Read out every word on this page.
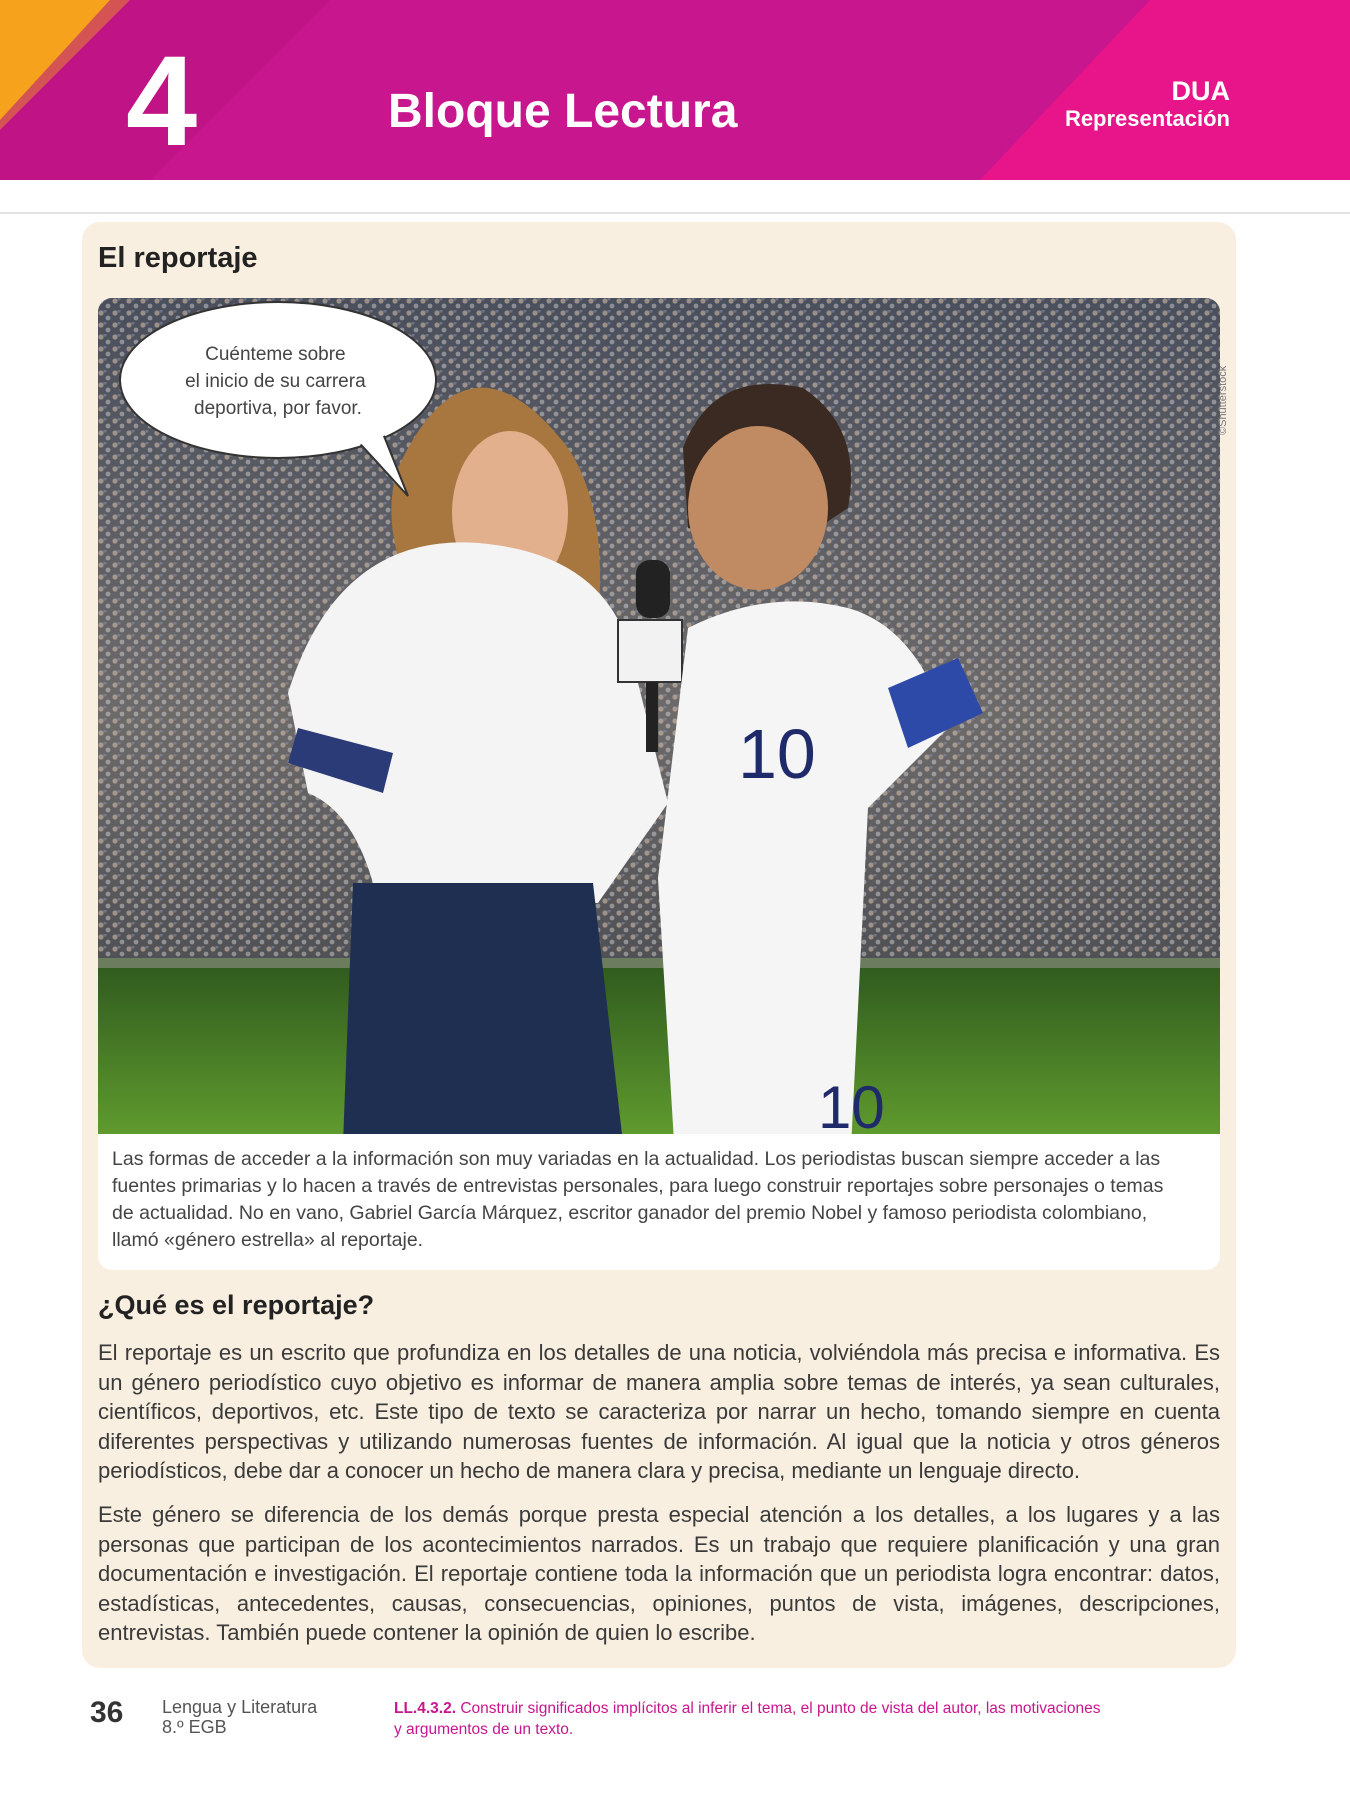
4	Bloque Lectura	DUA
Representación
El reportaje
10
10
Cuénteme sobre el inicio de su carrera deportiva, por favor.	©Shutterstock
Las formas de acceder a la información son muy variadas en la actualidad. Los periodistas buscan siempre acceder a las
fuentes primarias y lo hacen a través de entrevistas personales, para luego construir reportajes sobre personajes o temas
de actualidad. No en vano, Gabriel García Márquez, escritor ganador del premio Nobel y famoso periodista colombiano,
llamó «género estrella» al reportaje.
¿Qué es el reportaje?
El reportaje es un escrito que profundiza en los detalles de una noticia, volviéndola más precisa e informativa. Es un género periodístico cuyo objetivo es informar de manera amplia sobre temas de interés, ya sean culturales, científicos, deportivos, etc. Este tipo de texto se caracteriza por narrar un hecho, tomando siempre en cuenta diferentes perspectivas y utilizando numerosas fuentes de información. Al igual que la noticia y otros géneros periodísticos, debe dar a conocer un hecho de manera clara y precisa, mediante un lenguaje directo.
Este género se diferencia de los demás porque presta especial atención a los detalles, a los lugares y a las personas que participan de los acontecimientos narrados. Es un trabajo que requiere planificación y una gran documentación e investigación. El reportaje contiene toda la información que un periodista logra encontrar: datos, estadísticas, antecedentes, causas, consecuencias, opiniones, puntos de vista, imágenes, descripciones, entrevistas. También puede contener la opinión de quien lo escribe.
36 Lengua y Literatura
8.º EGB
LL.4.3.2. Construir significados implícitos al inferir el tema, el punto de vista del autor, las motivaciones
y argumentos de un texto.
